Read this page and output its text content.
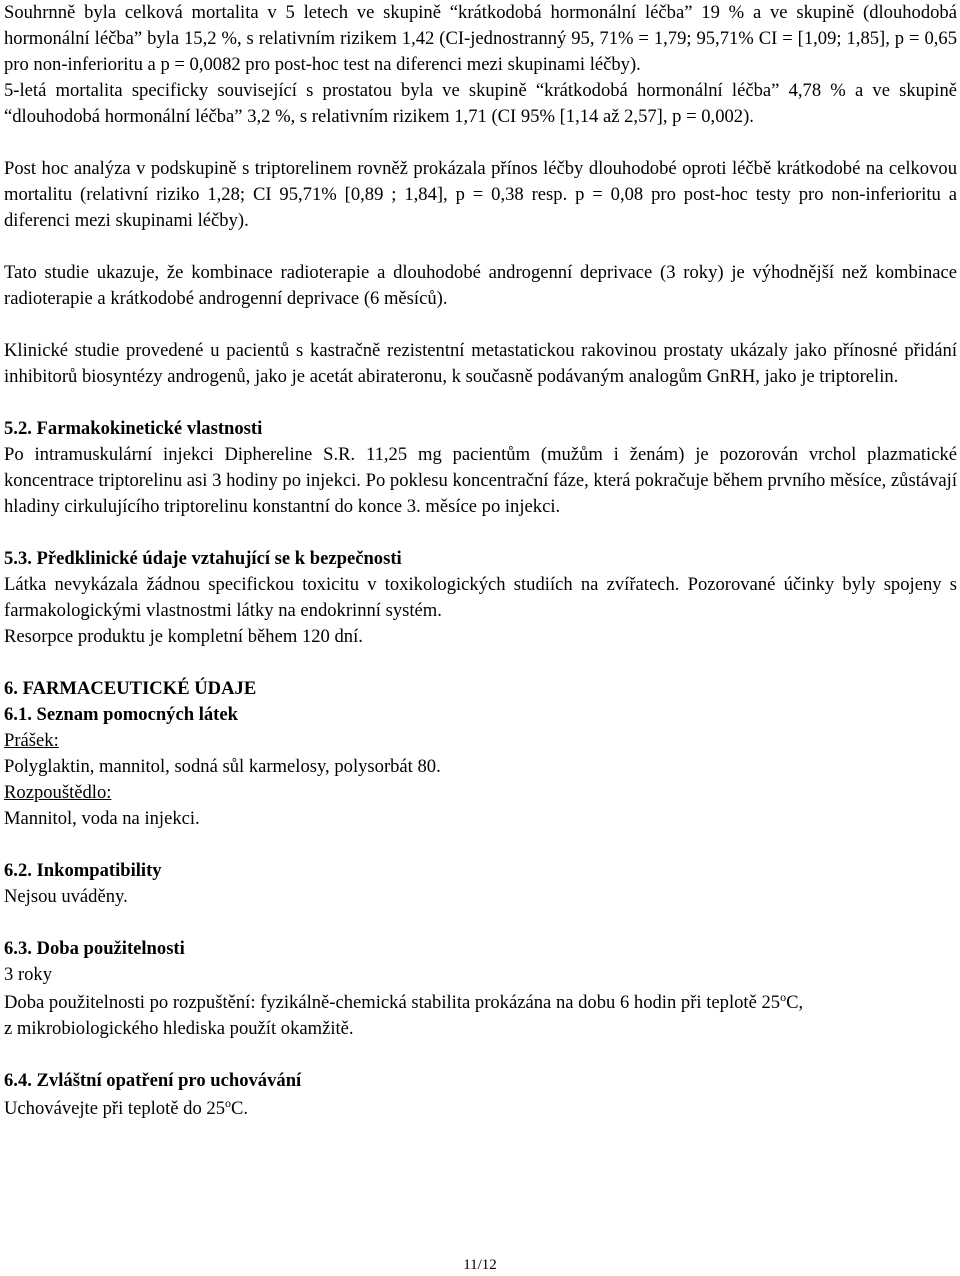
Souhrnně byla celková mortalita v 5 letech ve skupině “krátkodobá hormonální léčba” 19 % a ve skupině (dlouhodobá hormonální léčba” byla 15,2 %, s relativním rizikem 1,42 (CI-jednostranný 95, 71% = 1,79; 95,71% CI = [1,09; 1,85], p = 0,65 pro non-inferioritu a p = 0,0082 pro post-hoc test na diferenci mezi skupinami léčby).

5-letá mortalita specificky související s prostatou byla ve skupině “krátkodobá hormonální léčba” 4,78 % a ve skupině “dlouhodobá hormonální léčba” 3,2 %, s relativním rizikem 1,71 (CI 95% [1,14 až 2,57], p = 0,002).

Post hoc analýza v podskupině s triptorelinem rovněž prokázala přínos léčby dlouhodobé oproti léčbě krátkodobé na celkovou mortalitu (relativní riziko 1,28; CI 95,71% [0,89 ; 1,84], p = 0,38 resp. p = 0,08 pro post-hoc testy pro non-inferioritu a diferenci mezi skupinami léčby).

Tato studie ukazuje, že kombinace radioterapie a dlouhodobé androgenní deprivace (3 roky) je výhodnější než kombinace radioterapie a krátkodobé androgenní deprivace (6 měsíců).

Klinické studie provedené u pacientů s kastračně rezistentní metastatickou rakovinou prostaty ukázaly jako přínosné přidání inhibitorů biosyntézy androgenů, jako je acetát abirateronu, k současně podávaným analogům GnRH, jako je triptorelin.

5.2. Farmakokinetické vlastnosti

Po intramuskulární injekci Diphereline S.R. 11,25 mg pacientům (mužům i ženám) je pozorován vrchol plazmatické koncentrace triptorelinu asi 3 hodiny po injekci. Po poklesu koncentrační fáze, která pokračuje během prvního měsíce, zůstávají hladiny cirkulujícího triptorelinu konstantní do konce 3. měsíce po injekci.

5.3. Předklinické údaje vztahující se k bezpečnosti

Látka nevykázala žádnou specifickou toxicitu v toxikologických studiích na zvířatech. Pozorované účinky byly spojeny s farmakologickými vlastnostmi látky na endokrinní systém.

Resorpce produktu je kompletní během 120 dní.

6. FARMACEUTICKÉ ÚDAJE

6.1. Seznam pomocných látek

Prášek:

Polyglaktin, mannitol, sodná sůl karmelosy, polysorbát 80.

Rozpouštědlo:

Mannitol, voda na injekci.

6.2. Inkompatibility

Nejsou uváděny.

6.3. Doba použitelnosti

3 roky

Doba použitelnosti po rozpuštění: fyzikálně-chemická stabilita prokázána na dobu 6 hodin při teplotě 25$^o$C,

z mikrobiologického hlediska použít okamžitě.

6.4. Zvláštní opatření pro uchovávání

Uchovávejte při teplotě do 25$^o$C.

11/12
